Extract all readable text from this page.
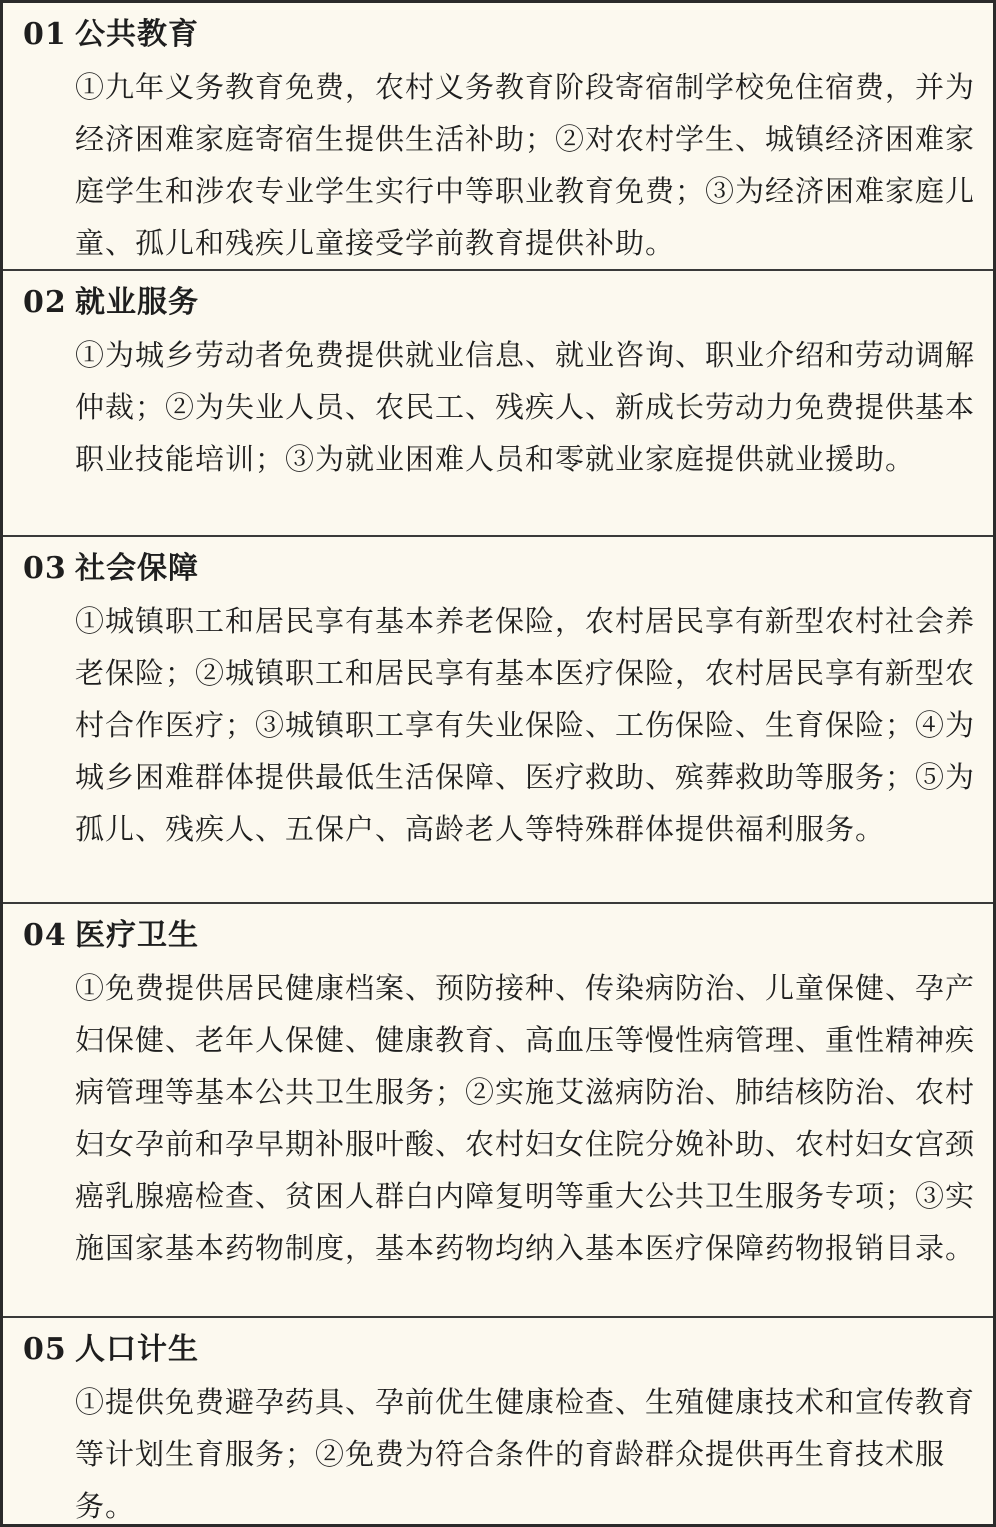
01 公共教育
①九年义务教育免费，农村义务教育阶段寄宿制学校免住宿费，并为经济困难家庭寄宿生提供生活补助；②对农村学生、城镇经济困难家庭学生和涉农专业学生实行中等职业教育免费；③为经济困难家庭儿童、孤儿和残疾儿童接受学前教育提供补助。
02 就业服务
①为城乡劳动者免费提供就业信息、就业咨询、职业介绍和劳动调解仲裁；②为失业人员、农民工、残疾人、新成长劳动力免费提供基本职业技能培训；③为就业困难人员和零就业家庭提供就业援助。
03 社会保障
①城镇职工和居民享有基本养老保险，农村居民享有新型农村社会养老保险；②城镇职工和居民享有基本医疗保险，农村居民享有新型农村合作医疗；③城镇职工享有失业保险、工伤保险、生育保险；④为城乡困难群体提供最低生活保障、医疗救助、殡葬救助等服务；⑤为孤儿、残疾人、五保户、高龄老人等特殊群体提供福利服务。
04 医疗卫生
①免费提供居民健康档案、预防接种、传染病防治、儿童保健、孕产妇保健、老年人保健、健康教育、高血压等慢性病管理、重性精神疾病管理等基本公共卫生服务；②实施艾滋病防治、肺结核防治、农村妇女孕前和孕早期补服叶酸、农村妇女住院分娩补助、农村妇女宫颈癌乳腺癌检查、贫困人群白内障复明等重大公共卫生服务专项；③实施国家基本药物制度，基本药物均纳入基本医疗保障药物报销目录。
05 人口计生
①提供免费避孕药具、孕前优生健康检查、生殖健康技术和宣传教育等计划生育服务；②免费为符合条件的育龄群众提供再生育技术服务。
